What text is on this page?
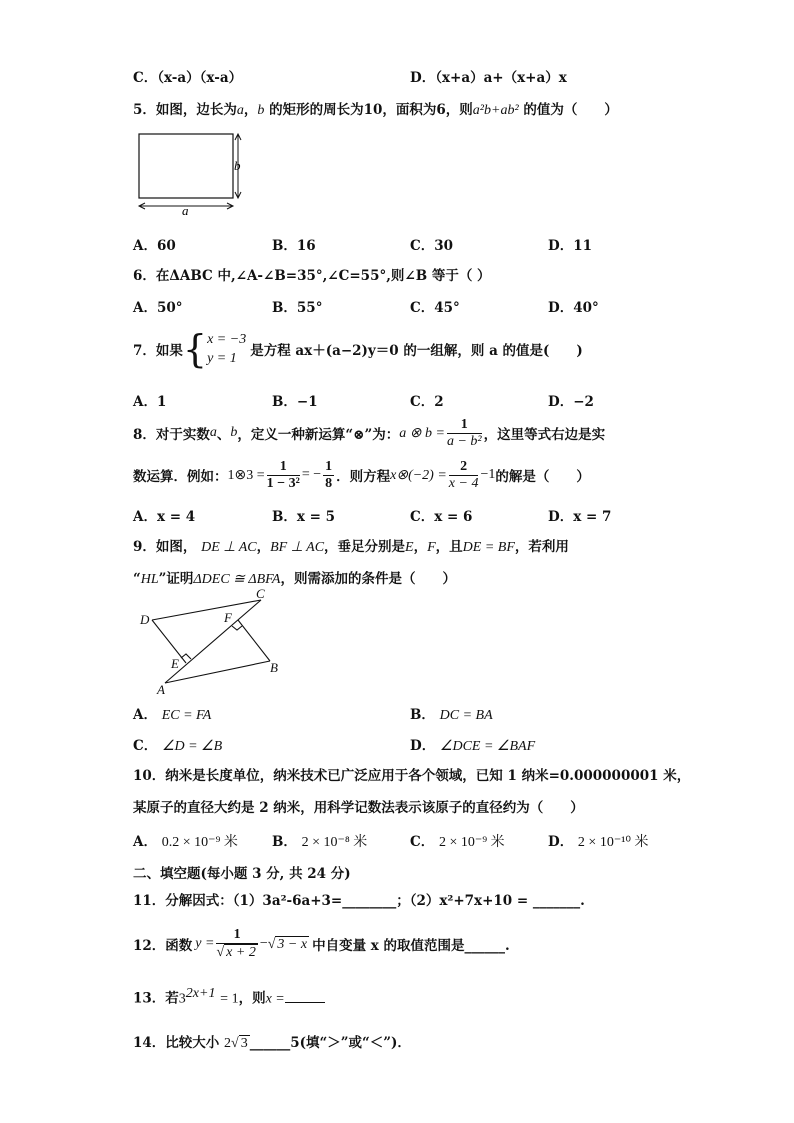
C．（x-a）（x-a）	D．（x+a）a+（x+a）x
5．如图，边长为a，b 的矩形的周长为10，面积为6，则a²b+ab² 的值为（　　）
b
a
A．60	B．16	C．30	D．11
6．在ΔABC 中,∠A-∠B=35°,∠C=55°,则∠B 等于（ ）
A．50°	B．55°	C．45°	D．40°
7．如果 { x = −3
y = 1 是方程 ax＋(a−2)y＝0 的一组解，则 a 的值是(　　)
A．1	B．−1	C．2	D．−2
8．对于实数 a 、 b ，定义一种新运算“⊗”为： a ⊗ $b = \frac{1}{\text{a − b²}}$ ，这里等式右边是实
数运算．例如： 1⊗3 = $\frac{1}{\text{1 − 3²}}$ = − $\frac{1}{8}$ ．则方程 x⊗(−2) = $\frac{2}{x - 4} -1$ 的解是（　　）
A．x = 4	B．x = 5	C．x = 6	D．x = 7
9．如图， DE ⊥ AC，BF ⊥ AC，垂足分别是E，F，且DE = BF，若利用
“HL”证明ΔDEC ≅ ΔBFA，则需添加的条件是（　　）
C
D	F
E	B
A
A． EC = FA	B． DC = BA
C． ∠D = ∠B	D． ∠DCE = ∠BAF
10．纳米是长度单位，纳米技术已广泛应用于各个领域，已知 1 纳米=0.000000001 米，
某原子的直径大约是 2 纳米，用科学记数法表示该原子的直径约为（　　）
A． 0.2 × 10⁻⁹ 米	B． 2 × 10⁻⁸ 米	C． 2 × 10⁻⁹ 米	D． 2 × 10⁻¹⁰ 米
二、填空题(每小题 3 分, 共 24 分)
11．分解因式：（1）3a²-6a+3=________；（2）x²+7x+10 = _______.
12．函数 $y = \frac{1}{√ x + 2}$ − √ 3 − x 中自变量 x 的取值范围是______.
13．若$3^{2x+1} = 1$，则x =
14．比较大小 2√ 3 ______5(填“＞”或“＜”)．
